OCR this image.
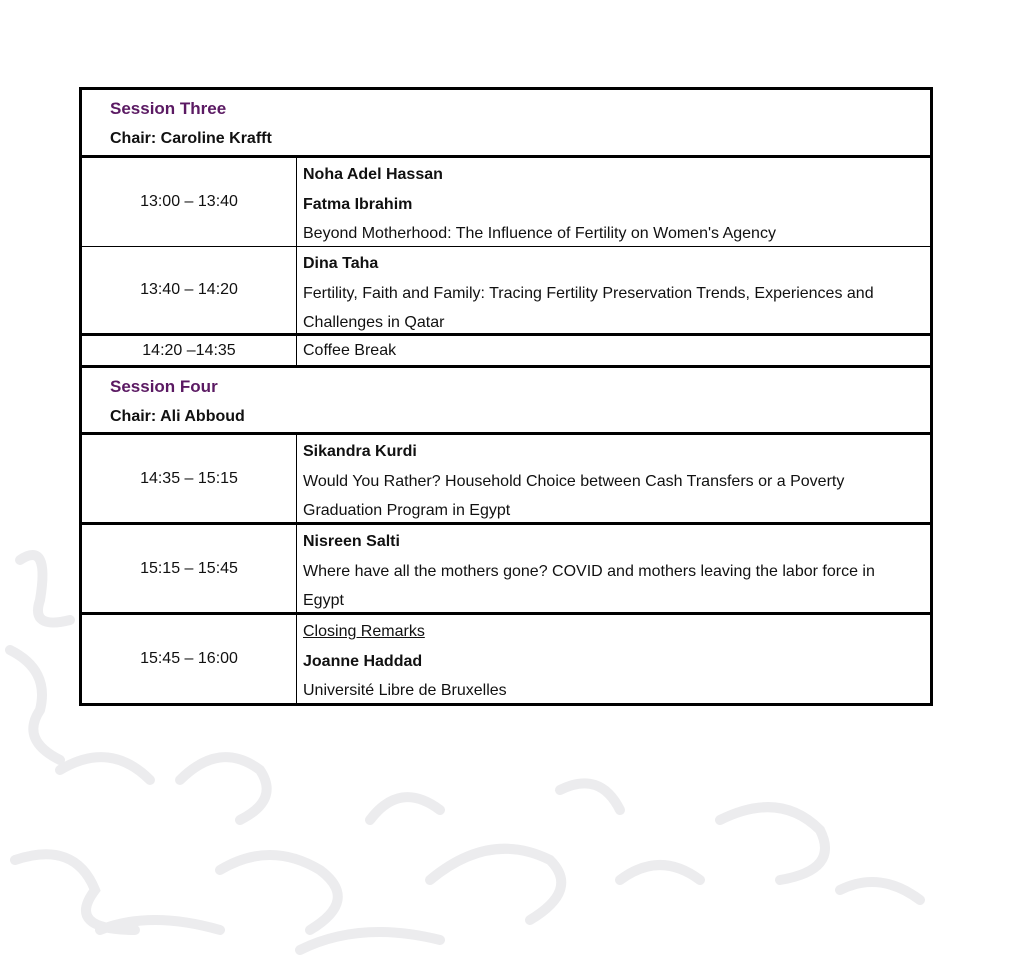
Session Three
Chair: Caroline Krafft
13:00 – 13:40
Noha Adel Hassan
Fatma Ibrahim
Beyond Motherhood: The Influence of Fertility on Women's Agency
13:40 – 14:20
Dina Taha
Fertility, Faith and Family: Tracing Fertility Preservation Trends, Experiences and
Challenges in Qatar
14:20 –14:35	Coffee Break
Session Four
Chair: Ali Abboud
14:35 – 15:15
Sikandra Kurdi
Would You Rather? Household Choice between Cash Transfers or a Poverty
Graduation Program in Egypt
15:15 – 15:45
Nisreen Salti
Where have all the mothers gone? COVID and mothers leaving the labor force in
Egypt
15:45 – 16:00
Closing Remarks
Joanne Haddad
Université Libre de Bruxelles
